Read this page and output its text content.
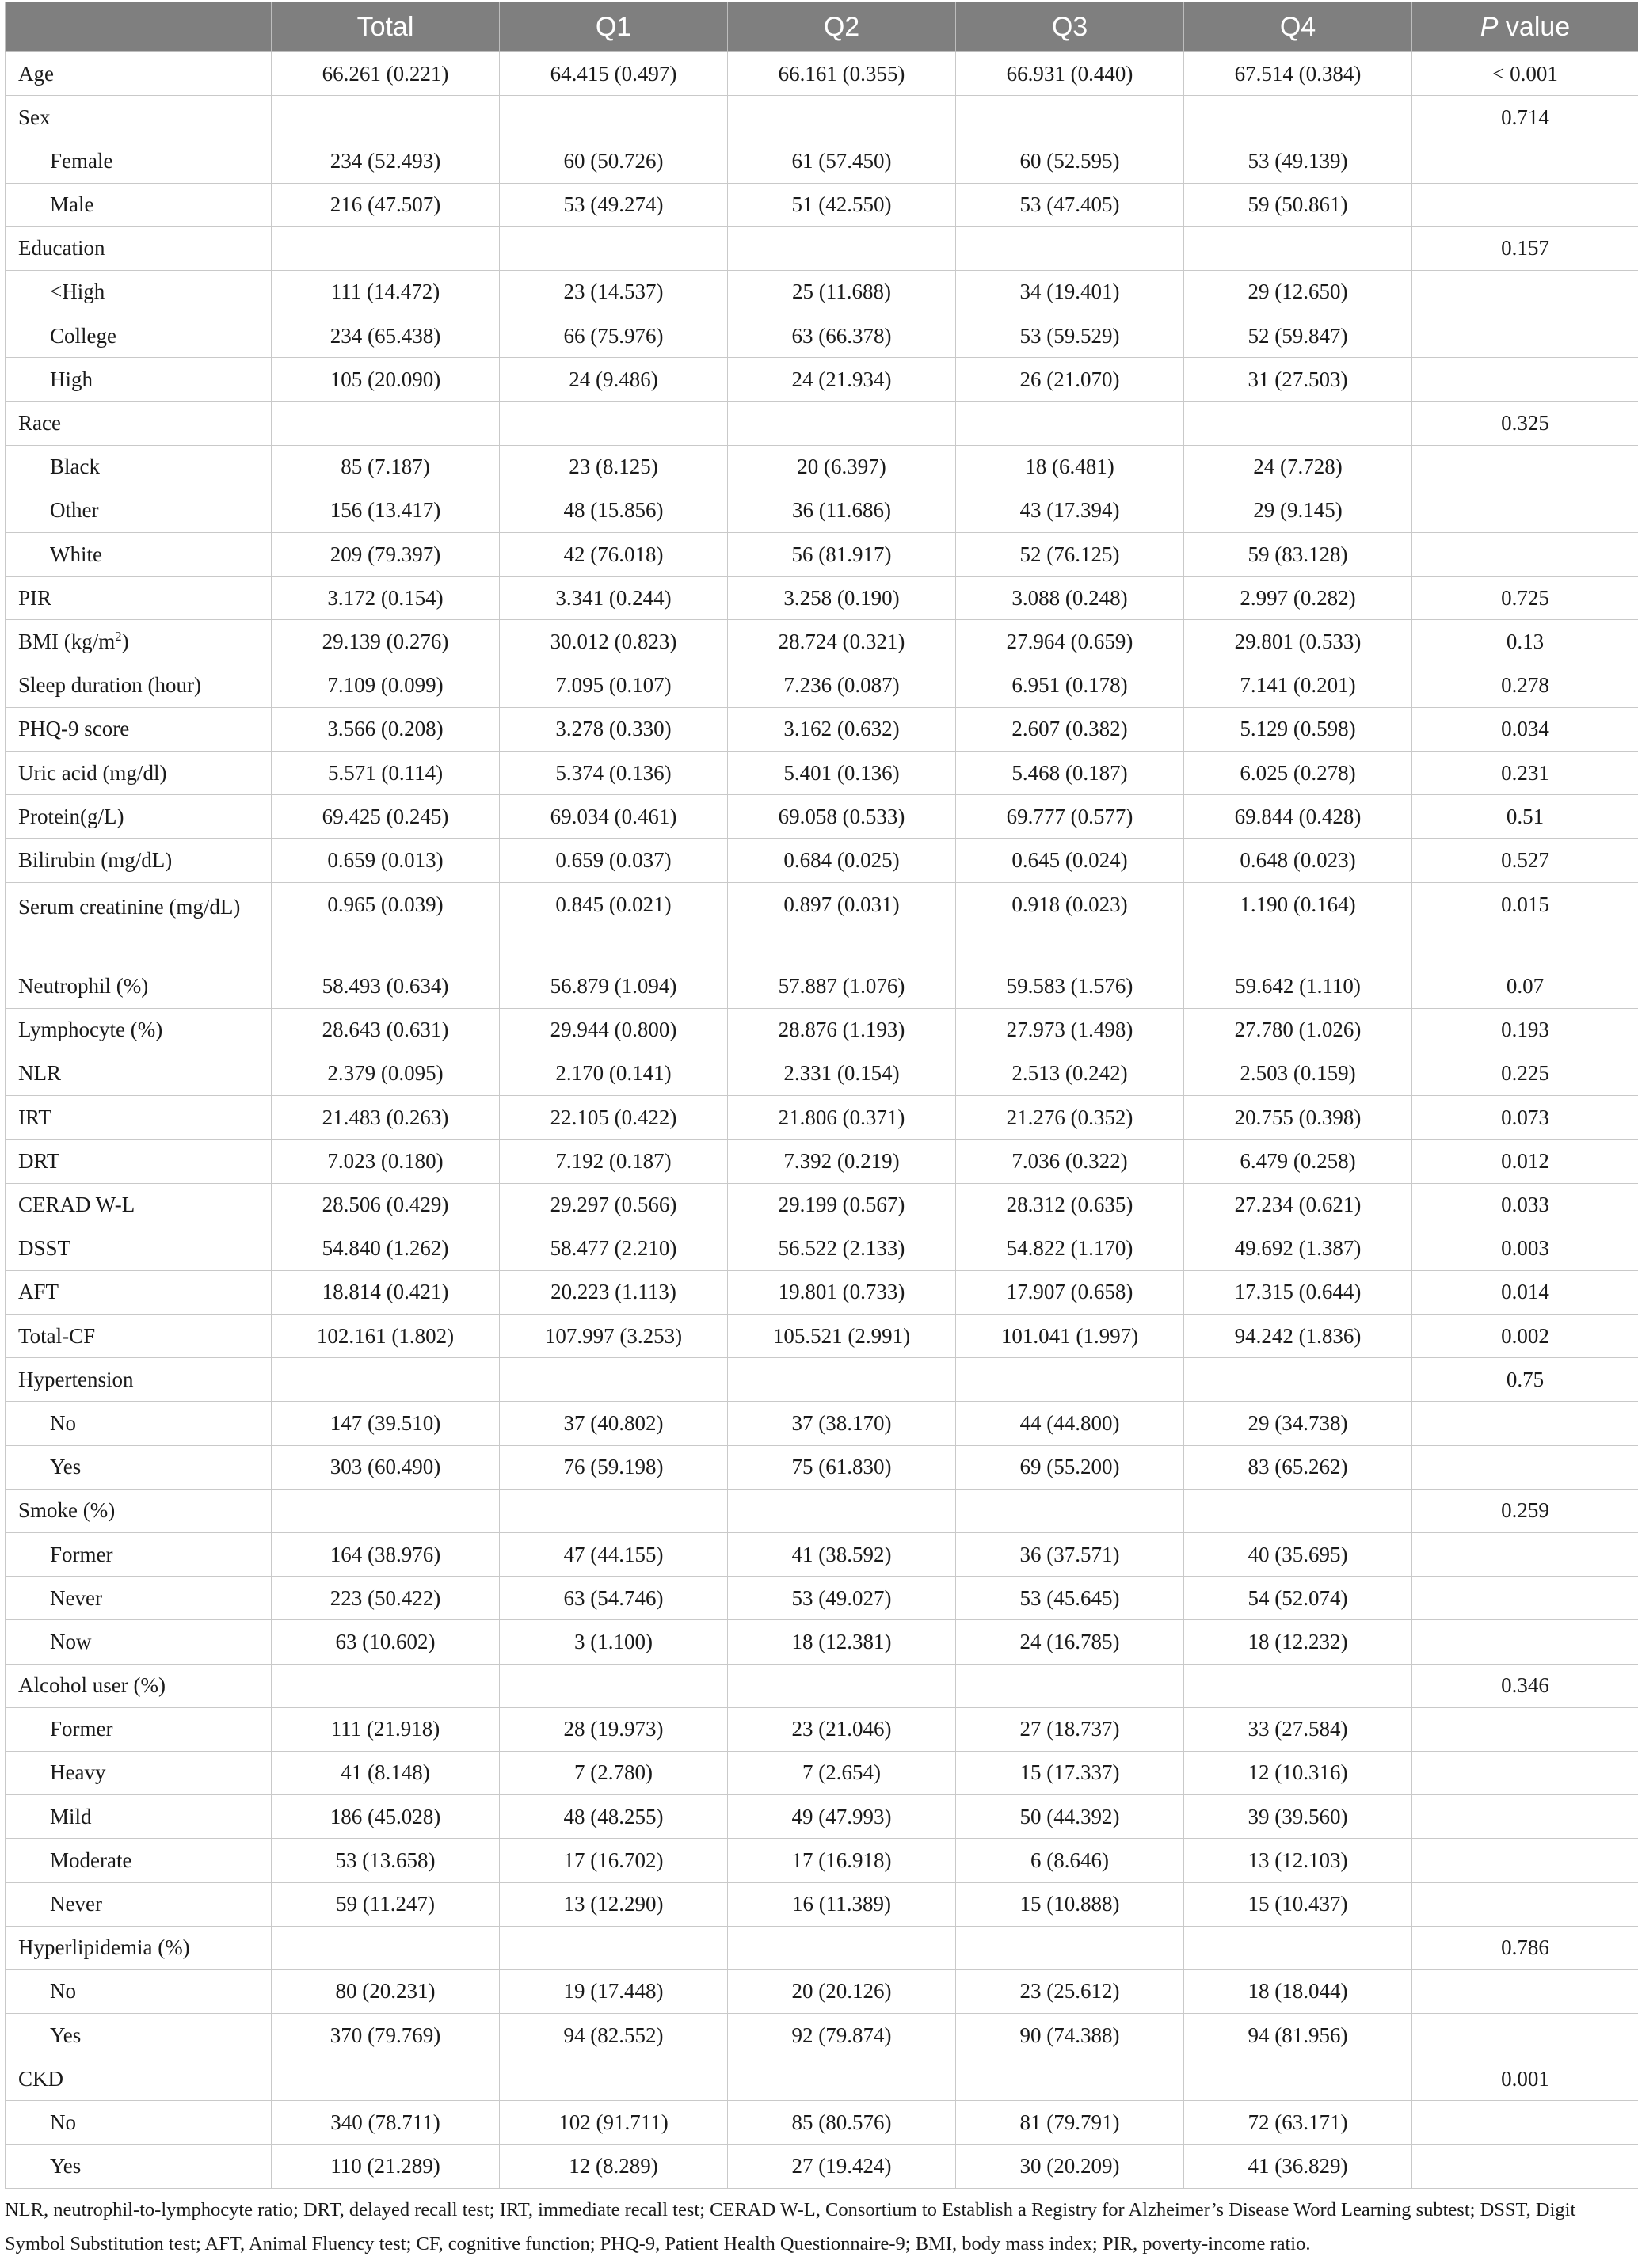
	Total	Q1	Q2	Q3	Q4	P value
Age	66.261 (0.221)	64.415 (0.497)	66.161 (0.355)	66.931 (0.440)	67.514 (0.384)	< 0.001
Sex						0.714
Female	234 (52.493)	60 (50.726)	61 (57.450)	60 (52.595)	53 (49.139)	
Male	216 (47.507)	53 (49.274)	51 (42.550)	53 (47.405)	59 (50.861)	
Education						0.157
<High	111 (14.472)	23 (14.537)	25 (11.688)	34 (19.401)	29 (12.650)	
College	234 (65.438)	66 (75.976)	63 (66.378)	53 (59.529)	52 (59.847)	
High	105 (20.090)	24 (9.486)	24 (21.934)	26 (21.070)	31 (27.503)	
Race						0.325
Black	85 (7.187)	23 (8.125)	20 (6.397)	18 (6.481)	24 (7.728)	
Other	156 (13.417)	48 (15.856)	36 (11.686)	43 (17.394)	29 (9.145)	
White	209 (79.397)	42 (76.018)	56 (81.917)	52 (76.125)	59 (83.128)	
PIR	3.172 (0.154)	3.341 (0.244)	3.258 (0.190)	3.088 (0.248)	2.997 (0.282)	0.725
BMI $(kg/m^2)$	29.139 (0.276)	30.012 (0.823)	28.724 (0.321)	27.964 (0.659)	29.801 (0.533)	0.13
Sleep duration (hour)	7.109 (0.099)	7.095 (0.107)	7.236 (0.087)	6.951 (0.178)	7.141 (0.201)	0.278
PHQ-9 score	3.566 (0.208)	3.278 (0.330)	3.162 (0.632)	2.607 (0.382)	5.129 (0.598)	0.034
Uric acid (mg/dl)	5.571 (0.114)	5.374 (0.136)	5.401 (0.136)	5.468 (0.187)	6.025 (0.278)	0.231
Protein(g/L)	69.425 (0.245)	69.034 (0.461)	69.058 (0.533)	69.777 (0.577)	69.844 (0.428)	0.51
Bilirubin (mg/dL)	0.659 (0.013)	0.659 (0.037)	0.684 (0.025)	0.645 (0.024)	0.648 (0.023)	0.527
Serum creatinine (mg/dL)	0.965 (0.039)	0.845 (0.021)	0.897 (0.031)	0.918 (0.023)	1.190 (0.164)	0.015
Neutrophil (%)	58.493 (0.634)	56.879 (1.094)	57.887 (1.076)	59.583 (1.576)	59.642 (1.110)	0.07
Lymphocyte (%)	28.643 (0.631)	29.944 (0.800)	28.876 (1.193)	27.973 (1.498)	27.780 (1.026)	0.193
NLR	2.379 (0.095)	2.170 (0.141)	2.331 (0.154)	2.513 (0.242)	2.503 (0.159)	0.225
IRT	21.483 (0.263)	22.105 (0.422)	21.806 (0.371)	21.276 (0.352)	20.755 (0.398)	0.073
DRT	7.023 (0.180)	7.192 (0.187)	7.392 (0.219)	7.036 (0.322)	6.479 (0.258)	0.012
CERAD W-L	28.506 (0.429)	29.297 (0.566)	29.199 (0.567)	28.312 (0.635)	27.234 (0.621)	0.033
DSST	54.840 (1.262)	58.477 (2.210)	56.522 (2.133)	54.822 (1.170)	49.692 (1.387)	0.003
AFT	18.814 (0.421)	20.223 (1.113)	19.801 (0.733)	17.907 (0.658)	17.315 (0.644)	0.014
Total-CF	102.161 (1.802)	107.997 (3.253)	105.521 (2.991)	101.041 (1.997)	94.242 (1.836)	0.002
Hypertension						0.75
No	147 (39.510)	37 (40.802)	37 (38.170)	44 (44.800)	29 (34.738)	
Yes	303 (60.490)	76 (59.198)	75 (61.830)	69 (55.200)	83 (65.262)	
Smoke (%)						0.259
Former	164 (38.976)	47 (44.155)	41 (38.592)	36 (37.571)	40 (35.695)	
Never	223 (50.422)	63 (54.746)	53 (49.027)	53 (45.645)	54 (52.074)	
Now	63 (10.602)	3 (1.100)	18 (12.381)	24 (16.785)	18 (12.232)	
Alcohol user (%)						0.346
Former	111 (21.918)	28 (19.973)	23 (21.046)	27 (18.737)	33 (27.584)	
Heavy	41 (8.148)	7 (2.780)	7 (2.654)	15 (17.337)	12 (10.316)	
Mild	186 (45.028)	48 (48.255)	49 (47.993)	50 (44.392)	39 (39.560)	
Moderate	53 (13.658)	17 (16.702)	17 (16.918)	6 (8.646)	13 (12.103)	
Never	59 (11.247)	13 (12.290)	16 (11.389)	15 (10.888)	15 (10.437)	
Hyperlipidemia (%)						0.786
No	80 (20.231)	19 (17.448)	20 (20.126)	23 (25.612)	18 (18.044)	
Yes	370 (79.769)	94 (82.552)	92 (79.874)	90 (74.388)	94 (81.956)	
CKD						0.001
No	340 (78.711)	102 (91.711)	85 (80.576)	81 (79.791)	72 (63.171)	
Yes	110 (21.289)	12 (8.289)	27 (19.424)	30 (20.209)	41 (36.829)	
NLR, neutrophil-to-lymphocyte ratio; DRT, delayed recall test; IRT, immediate recall test; CERAD W-L, Consortium to Establish a Registry for Alzheimer’s Disease Word Learning subtest; DSST, Digit Symbol Substitution test; AFT, Animal Fluency test; CF, cognitive function; PHQ-9, Patient Health Questionnaire-9; BMI, body mass index; PIR, poverty-income ratio.
